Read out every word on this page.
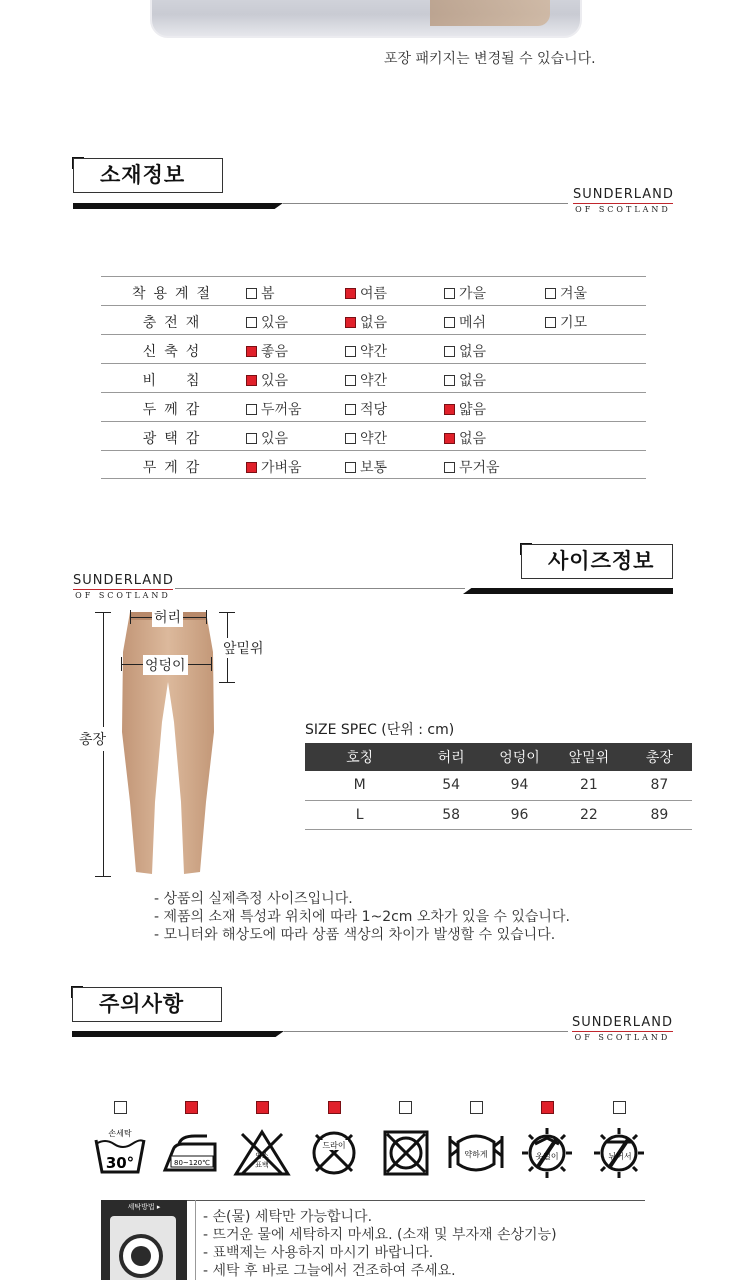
포장 패키지는 변경될 수 있습니다.
소재정보
SUNDERLAND
OF SCOTLAND
착용계절	봄	여름	가을	겨울
충전재	있음	없음	메쉬	기모
신축성	좋음	약간	없음
비　침	있음	약간	없음
두께감	두꺼움	적당	얇음
광택감	있음	약간	없음
무게감	가벼움	보통	무거움
사이즈정보
SUNDERLAND
OF SCOTLAND
허리
엉덩이
앞밑위
총장
SIZE SPEC (단위 : cm)
호칭	허리	엉덩이	앞밑위	총장
M	54	94	21	87
L	58	96	22	89
- 상품의 실제측정 사이즈입니다.
- 제품의 소재 특성과 위치에 따라 1~2cm 오차가 있을 수 있습니다.
- 모니터와 해상도에 따라 상품 색상의 차이가 발생할 수 있습니다.
주의사항
SUNDERLAND
OF SCOTLAND
30°
손세탁
80~120℃
염소
표백
드라이
약하게	옷걸이	뉘어서
세탁방법 ▸
- 손(물) 세탁만 가능합니다.
- 뜨거운 물에 세탁하지 마세요. (소재 및 부자재 손상기능)
- 표백제는 사용하지 마시기 바랍니다.
- 세탁 후 바로 그늘에서 건조하여 주세요.
